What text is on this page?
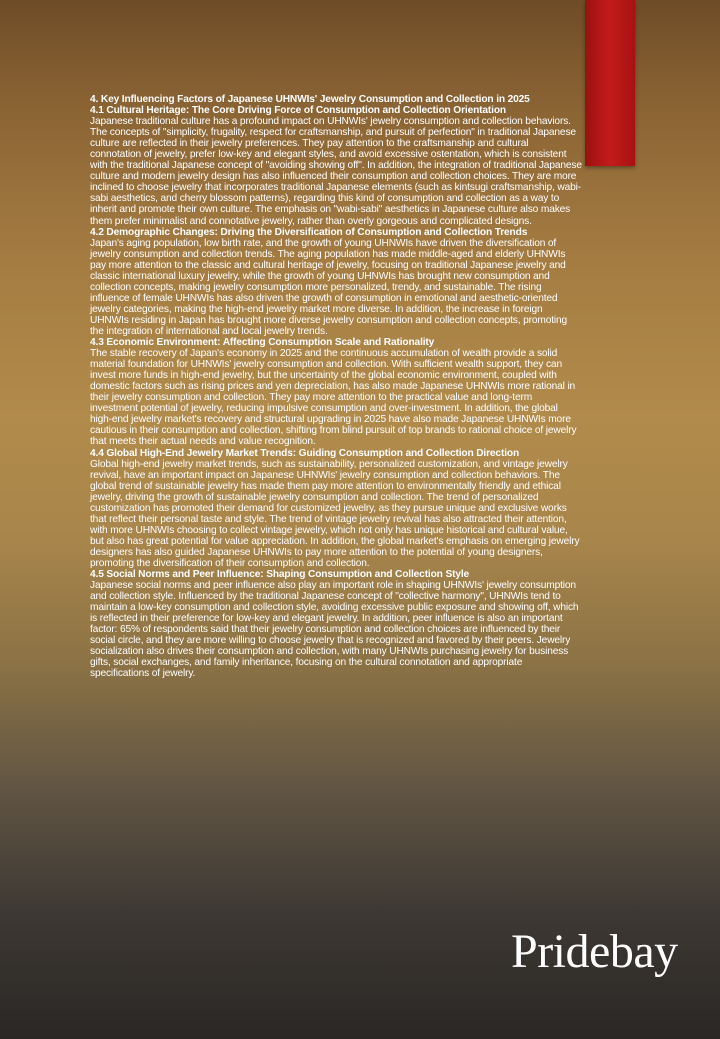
4. Key Influencing Factors of Japanese UHNWIs' Jewelry Consumption and Collection in 2025
4.1 Cultural Heritage: The Core Driving Force of Consumption and Collection Orientation
Japanese traditional culture has a profound impact on UHNWIs' jewelry consumption and collection behaviors. The concepts of "simplicity, frugality, respect for craftsmanship, and pursuit of perfection" in traditional Japanese culture are reflected in their jewelry preferences. They pay attention to the craftsmanship and cultural connotation of jewelry, prefer low-key and elegant styles, and avoid excessive ostentation, which is consistent with the traditional Japanese concept of "avoiding showing off". In addition, the integration of traditional Japanese culture and modern jewelry design has also influenced their consumption and collection choices. They are more inclined to choose jewelry that incorporates traditional Japanese elements (such as kintsugi craftsmanship, wabi-sabi aesthetics, and cherry blossom patterns), regarding this kind of consumption and collection as a way to inherit and promote their own culture. The emphasis on "wabi-sabi" aesthetics in Japanese culture also makes them prefer minimalist and connotative jewelry, rather than overly gorgeous and complicated designs.
4.2 Demographic Changes: Driving the Diversification of Consumption and Collection Trends
Japan's aging population, low birth rate, and the growth of young UHNWIs have driven the diversification of jewelry consumption and collection trends. The aging population has made middle-aged and elderly UHNWIs pay more attention to the classic and cultural heritage of jewelry, focusing on traditional Japanese jewelry and classic international luxury jewelry, while the growth of young UHNWIs has brought new consumption and collection concepts, making jewelry consumption more personalized, trendy, and sustainable. The rising influence of female UHNWIs has also driven the growth of consumption in emotional and aesthetic-oriented jewelry categories, making the high-end jewelry market more diverse. In addition, the increase in foreign UHNWIs residing in Japan has brought more diverse jewelry consumption and collection concepts, promoting the integration of international and local jewelry trends.
4.3 Economic Environment: Affecting Consumption Scale and Rationality
The stable recovery of Japan's economy in 2025 and the continuous accumulation of wealth provide a solid material foundation for UHNWIs' jewelry consumption and collection. With sufficient wealth support, they can invest more funds in high-end jewelry, but the uncertainty of the global economic environment, coupled with domestic factors such as rising prices and yen depreciation, has also made Japanese UHNWIs more rational in their jewelry consumption and collection. They pay more attention to the practical value and long-term investment potential of jewelry, reducing impulsive consumption and over-investment. In addition, the global high-end jewelry market's recovery and structural upgrading in 2025 have also made Japanese UHNWIs more cautious in their consumption and collection, shifting from blind pursuit of top brands to rational choice of jewelry that meets their actual needs and value recognition.
4.4 Global High-End Jewelry Market Trends: Guiding Consumption and Collection Direction
Global high-end jewelry market trends, such as sustainability, personalized customization, and vintage jewelry revival, have an important impact on Japanese UHNWIs' jewelry consumption and collection behaviors. The global trend of sustainable jewelry has made them pay more attention to environmentally friendly and ethical jewelry, driving the growth of sustainable jewelry consumption and collection. The trend of personalized customization has promoted their demand for customized jewelry, as they pursue unique and exclusive works that reflect their personal taste and style. The trend of vintage jewelry revival has also attracted their attention, with more UHNWIs choosing to collect vintage jewelry, which not only has unique historical and cultural value, but also has great potential for value appreciation. In addition, the global market's emphasis on emerging jewelry designers has also guided Japanese UHNWIs to pay more attention to the potential of young designers, promoting the diversification of their consumption and collection.
4.5 Social Norms and Peer Influence: Shaping Consumption and Collection Style
Japanese social norms and peer influence also play an important role in shaping UHNWIs' jewelry consumption and collection style. Influenced by the traditional Japanese concept of "collective harmony", UHNWIs tend to maintain a low-key consumption and collection style, avoiding excessive public exposure and showing off, which is reflected in their preference for low-key and elegant jewelry. In addition, peer influence is also an important factor: 65% of respondents said that their jewelry consumption and collection choices are influenced by their social circle, and they are more willing to choose jewelry that is recognized and favored by their peers. Jewelry socialization also drives their consumption and collection, with many UHNWIs purchasing jewelry for business gifts, social exchanges, and family inheritance, focusing on the cultural connotation and appropriate specifications of jewelry.
Pridebay
